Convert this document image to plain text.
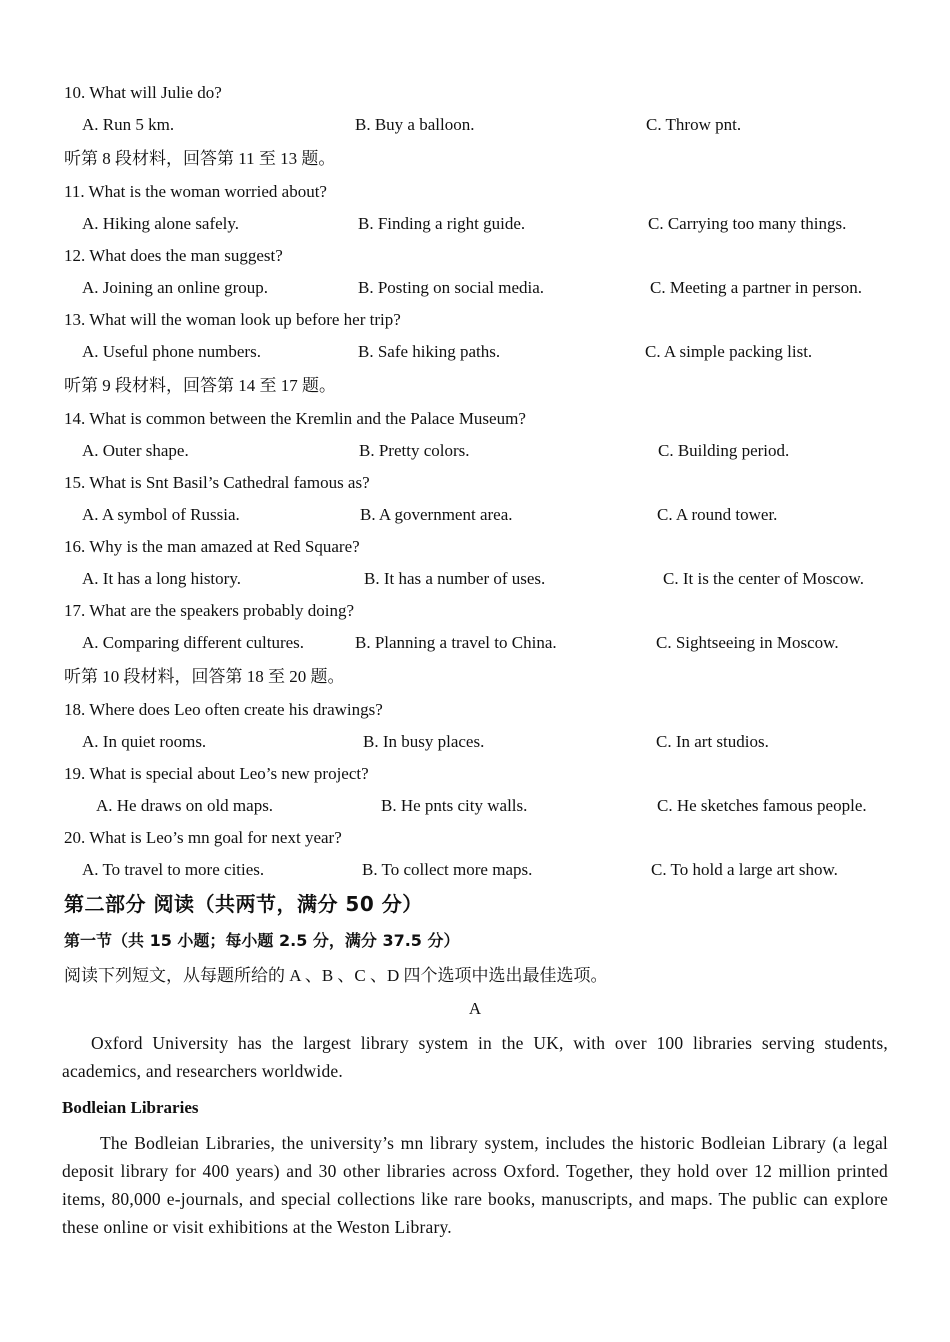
10. What will Julie do?
A. Run 5 km.	B. Buy a balloon.	C. Throw pnt.
听第 8 段材料，回答第 11 至 13 题。
11. What is the woman worried about?
A. Hiking alone safely.	B. Finding a right guide.	C. Carrying too many things.
12. What does the man suggest?
A. Joining an online group.	B. Posting on social media.	C. Meeting a partner in person.
13. What will the woman look up before her trip?
A. Useful phone numbers.	B. Safe hiking paths.	C. A simple packing list.
听第 9 段材料，回答第 14 至 17 题。
14. What is common between the Kremlin and the Palace Museum?
A. Outer shape.	B. Pretty colors.	C. Building period.
15. What is Snt Basil’s Cathedral famous as?
A. A symbol of Russia.	B. A government area.	C. A round tower.
16. Why is the man amazed at Red Square?
A. It has a long history.	B. It has a number of uses.	C. It is the center of Moscow.
17. What are the speakers probably doing?
A. Comparing different cultures.	B. Planning a travel to China.	C. Sightseeing in Moscow.
听第 10 段材料，回答第 18 至 20 题。
18. Where does Leo often create his drawings?
A. In quiet rooms.	B. In busy places.	C. In art studios.
19. What is special about Leo’s new project?
A. He draws on old maps.	B. He pnts city walls.	C. He sketches famous people.
20. What is Leo’s mn goal for next year?
A. To travel to more cities.	B. To collect more maps.	C. To hold a large art show.
第二部分 阅读（共两节，满分 50 分）
第一节（共 15 小题；每小题 2.5 分，满分 37.5 分）
阅读下列短文，从每题所给的 A 、B 、C 、D 四个选项中选出最佳选项。
A
Oxford University has the largest library system in the UK, with over 100 libraries serving students, academics, and researchers worldwide.
Bodleian Libraries
The Bodleian Libraries, the university’s mn library system, includes the historic Bodleian Library (a legal deposit library for 400 years) and 30 other libraries across Oxford. Together, they hold over 12 million printed items, 80,000 e-journals, and special collections like rare books, manuscripts, and maps. The public can explore these online or visit exhibitions at the Weston Library.
